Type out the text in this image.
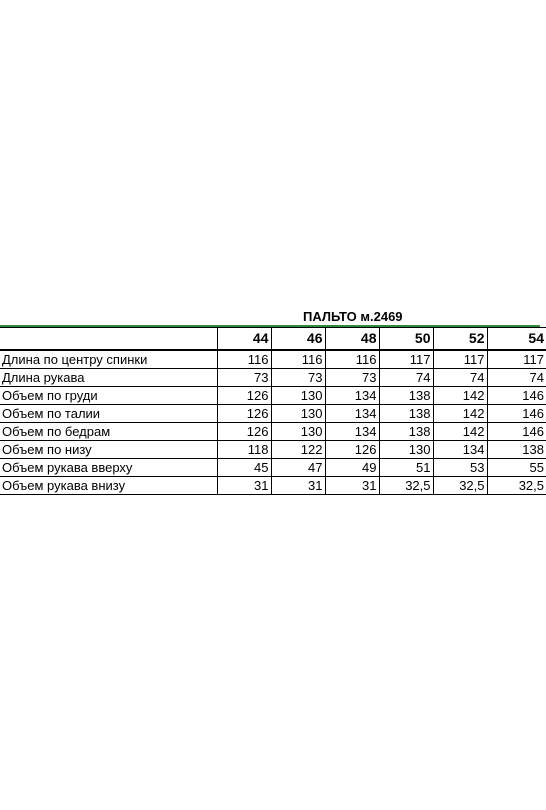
ПАЛЬТО м.2469
	44	46	48	50	52	54
Длина по центру спинки	116	116	116	117	117	117
Длина рукава	73	73	73	74	74	74
Объем по груди	126	130	134	138	142	146
Объем по талии	126	130	134	138	142	146
Объем по бедрам	126	130	134	138	142	146
Объем по низу	118	122	126	130	134	138
Объем рукава вверху	45	47	49	51	53	55
Объем рукава внизу	31	31	31	32,5	32,5	32,5
